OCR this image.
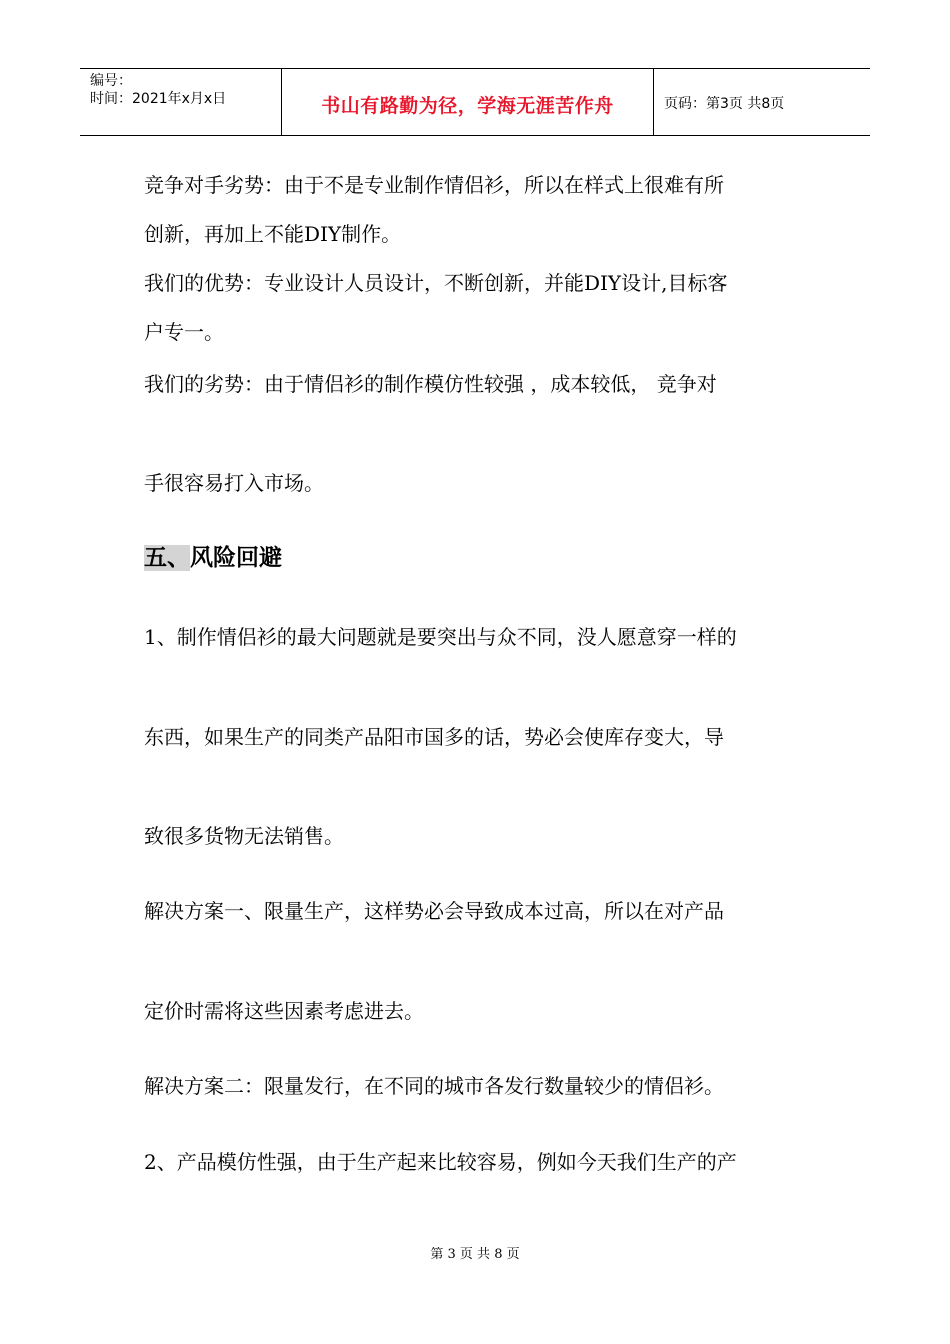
编号：
时间：2021年x月x日	书山有路勤为径，学海无涯苦作舟	页码：第3页 共8页
竞争对手劣势：由于不是专业制作情侣衫，所以在样式上很难有所
创新，再加上不能DIY制作。
我们的优势：专业设计人员设计，不断创新，并能DIY设计,目标客
户专一。
我们的劣势：由于情侣衫的制作模仿性较强 ，成本较低， 竞争对
手很容易打入市场。
五、风险回避
1、制作情侣衫的最大问题就是要突出与众不同，没人愿意穿一样的
东西，如果生产的同类产品阳市国多的话，势必会使库存变大，导
致很多货物无法销售。
解决方案一、限量生产，这样势必会导致成本过高，所以在对产品
定价时需将这些因素考虑进去。
解决方案二：限量发行，在不同的城市各发行数量较少的情侣衫。
2、产品模仿性强，由于生产起来比较容易，例如今天我们生产的产
第 3 页 共 8 页
